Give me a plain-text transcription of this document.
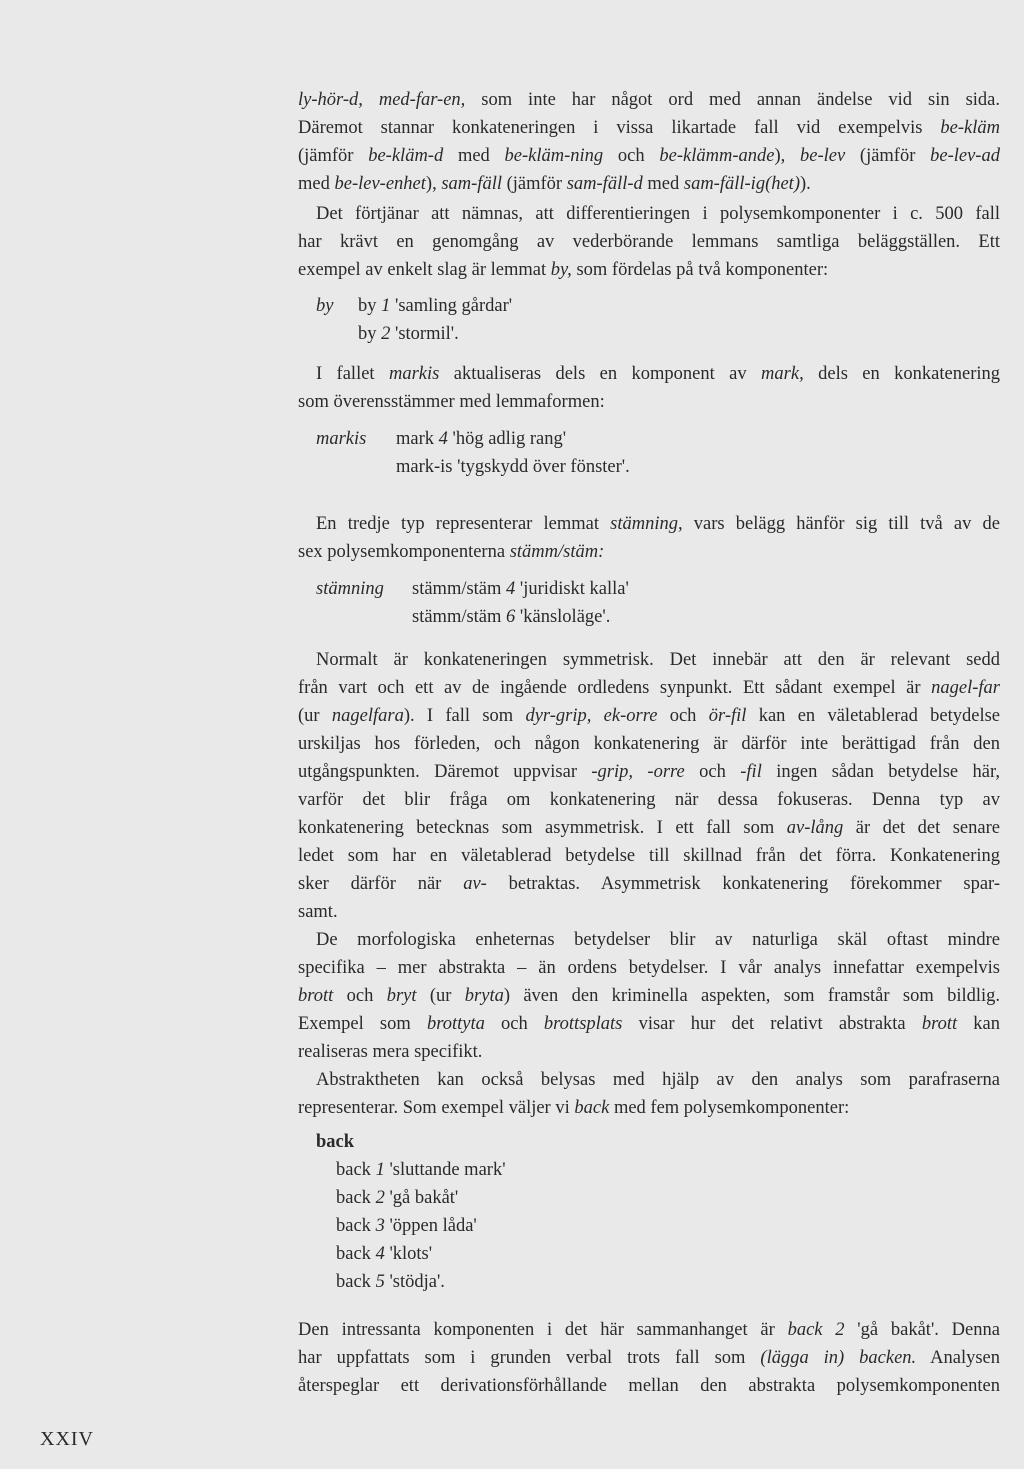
ly-hör-d, med-far-en, som inte har något ord med annan ändelse vid sin sida.
Däremot stannar konkateneringen i vissa likartade fall vid exempelvis be-kläm
(jämför be-kläm-d med be-kläm-ning och be-klämm-ande), be-lev (jämför be-lev-ad
med be-lev-enhet), sam-fäll (jämför sam-fäll-d med sam-fäll-ig(het)).
Det förtjänar att nämnas, att differentieringen i polysemkomponenter i c. 500 fall
har krävt en genomgång av vederbörande lemmans samtliga beläggställen. Ett
exempel av enkelt slag är lemmat by, som fördelas på två komponenter:
by by 1 'samling gårdar'
by 2 'stormil'.
I fallet markis aktualiseras dels en komponent av mark, dels en konkatenering
som överensstämmer med lemmaformen:
markis mark 4 'hög adlig rang'
mark-is 'tygskydd över fönster'.
En tredje typ representerar lemmat stämning, vars belägg hänför sig till två av de
sex polysemkomponenterna stämm/stäm:
stämning stämm/stäm 4 'juridiskt kalla'
stämm/stäm 6 'känsloläge'.
Normalt är konkateneringen symmetrisk. Det innebär att den är relevant sedd
från vart och ett av de ingående ordledens synpunkt. Ett sådant exempel är nagel-far
(ur nagelfara). I fall som dyr-grip, ek-orre och ör-fil kan en väletablerad betydelse
urskiljas hos förleden, och någon konkatenering är därför inte berättigad från den
utgångspunkten. Däremot uppvisar -grip, -orre och -fil ingen sådan betydelse här,
varför det blir fråga om konkatenering när dessa fokuseras. Denna typ av
konkatenering betecknas som asymmetrisk. I ett fall som av-lång är det det senare
ledet som har en väletablerad betydelse till skillnad från det förra. Konkatenering
sker därför när av- betraktas. Asymmetrisk konkatenering förekommer spar-
samt.
De morfologiska enheternas betydelser blir av naturliga skäl oftast mindre
specifika – mer abstrakta – än ordens betydelser. I vår analys innefattar exempelvis
brott och bryt (ur bryta) även den kriminella aspekten, som framstår som bildlig.
Exempel som brottyta och brottsplats visar hur det relativt abstrakta brott kan
realiseras mera specifikt.
Abstraktheten kan också belysas med hjälp av den analys som parafraserna
representerar. Som exempel väljer vi back med fem polysemkomponenter:
back
back 1 'sluttande mark'
back 2 'gå bakåt'
back 3 'öppen låda'
back 4 'klots'
back 5 'stödja'.
Den intressanta komponenten i det här sammanhanget är back 2 'gå bakåt'. Denna
har uppfattats som i grunden verbal trots fall som (lägga in) backen. Analysen
återspeglar ett derivationsförhållande mellan den abstrakta polysemkomponenten
XXIV
